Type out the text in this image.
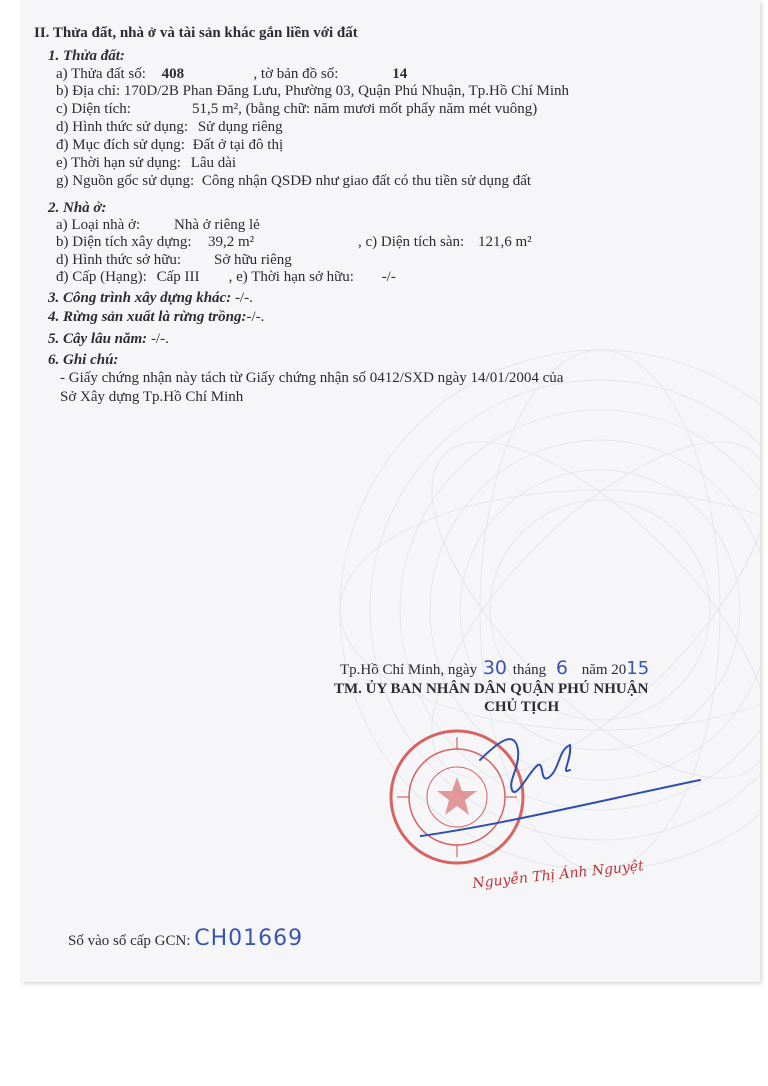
II. Thửa đất, nhà ở và tài sản khác gắn liền với đất
1. Thửa đất:
a) Thửa đất số: 408	, tờ bản đồ số:	14
b) Địa chỉ: 170D/2B Phan Đăng Lưu, Phường 03, Quận Phú Nhuận, Tp.Hồ Chí Minh
c) Diện tích:	51,5 m², (bằng chữ: năm mươi mốt phẩy năm mét vuông)
d) Hình thức sử dụng: Sử dụng riêng
đ) Mục đích sử dụng: Đất ở tại đô thị
e) Thời hạn sử dụng: Lâu dài
g) Nguồn gốc sử dụng: Công nhận QSDĐ như giao đất có thu tiền sử dụng đất
2. Nhà ở:
a) Loại nhà ở: Nhà ở riêng lẻ
b) Diện tích xây dựng: 39,2 m²	, c) Diện tích sàn: 121,6 m²
d) Hình thức sở hữu: Sở hữu riêng
đ) Cấp (Hạng): Cấp III , e) Thời hạn sở hữu: -/-
3. Công trình xây dựng khác: -/-.
4. Rừng sản xuất là rừng trồng:-/-.
5. Cây lâu năm: -/-.
6. Ghi chú:
- Giấy chứng nhận này tách từ Giấy chứng nhận số 0412/SXD ngày 14/01/2004 của
Sở Xây dựng Tp.Hồ Chí Minh
Tp.Hồ Chí Minh, ngày 30 tháng 6 năm 2015
TM. ỦY BAN NHÂN DÂN QUẬN PHÚ NHUẬN
CHỦ TỊCH
Nguyễn Thị Ánh Nguyệt
Số vào sổ cấp GCN: CH01669
